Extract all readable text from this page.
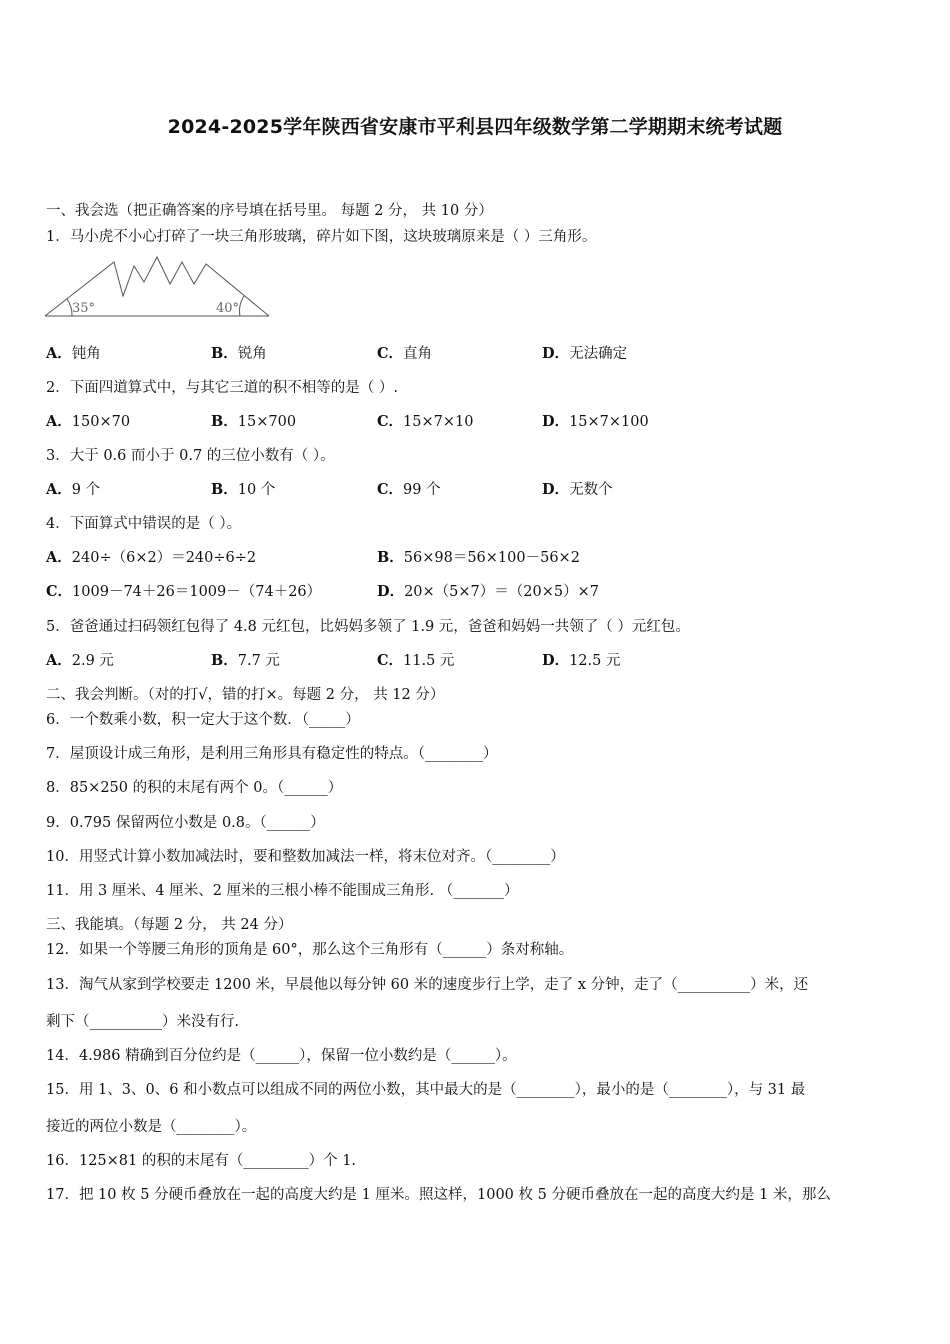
2024-2025学年陕西省安康市平利县四年级数学第二学期期末统考试题
一、我会选（把正确答案的序号填在括号里。 每题 2 分， 共 10 分）
1．马小虎不小心打碎了一块三角形玻璃，碎片如下图，这块玻璃原来是（ ）三角形。
35°	40°
A．钝角	B．锐角	C．直角	D．无法确定
2．下面四道算式中，与其它三道的积不相等的是（ ）.
A．150×70	B．15×700	C．15×7×10	D．15×7×100
3．大于 0.6 而小于 0.7 的三位小数有（ ）。
A．9 个	B．10 个	C．99 个	D．无数个
4．下面算式中错误的是（ ）。
A．240÷（6×2）＝240÷6÷2	B．56×98＝56×100－56×2
C．1009－74＋26＝1009－（74＋26）	D．20×（5×7）＝（20×5）×7
5．爸爸通过扫码领红包得了 4.8 元红包，比妈妈多领了 1.9 元，爸爸和妈妈一共领了（ ）元红包。
A．2.9 元	B．7.7 元	C．11.5 元	D．12.5 元
二、我会判断。（对的打√，错的打×。每题 2 分， 共 12 分）
6．一个数乘小数，积一定大于这个数．（_____）
7．屋顶设计成三角形，是利用三角形具有稳定性的特点。（________）
8．85×250 的积的末尾有两个 0。（______）
9．0.795 保留两位小数是 0.8。（______）
10．用竖式计算小数加减法时，要和整数加减法一样，将末位对齐。（________）
11．用 3 厘米、4 厘米、2 厘米的三根小棒不能围成三角形. （_______）
三、我能填。（每题 2 分， 共 24 分）
12．如果一个等腰三角形的顶角是 60°，那么这个三角形有（______）条对称轴。
13．淘气从家到学校要走 1200 米，早晨他以每分钟 60 米的速度步行上学，走了 x 分钟，走了（__________）米，还
剩下（__________）米没有行.
14．4.986 精确到百分位约是（______），保留一位小数约是（______）。
15．用 1、3、0、6 和小数点可以组成不同的两位小数，其中最大的是（________），最小的是（________），与 31 最
接近的两位小数是（________）。
16．125×81 的积的末尾有（_________）个 1.
17．把 10 枚 5 分硬币叠放在一起的高度大约是 1 厘米。照这样，1000 枚 5 分硬币叠放在一起的高度大约是 1 米，那么
